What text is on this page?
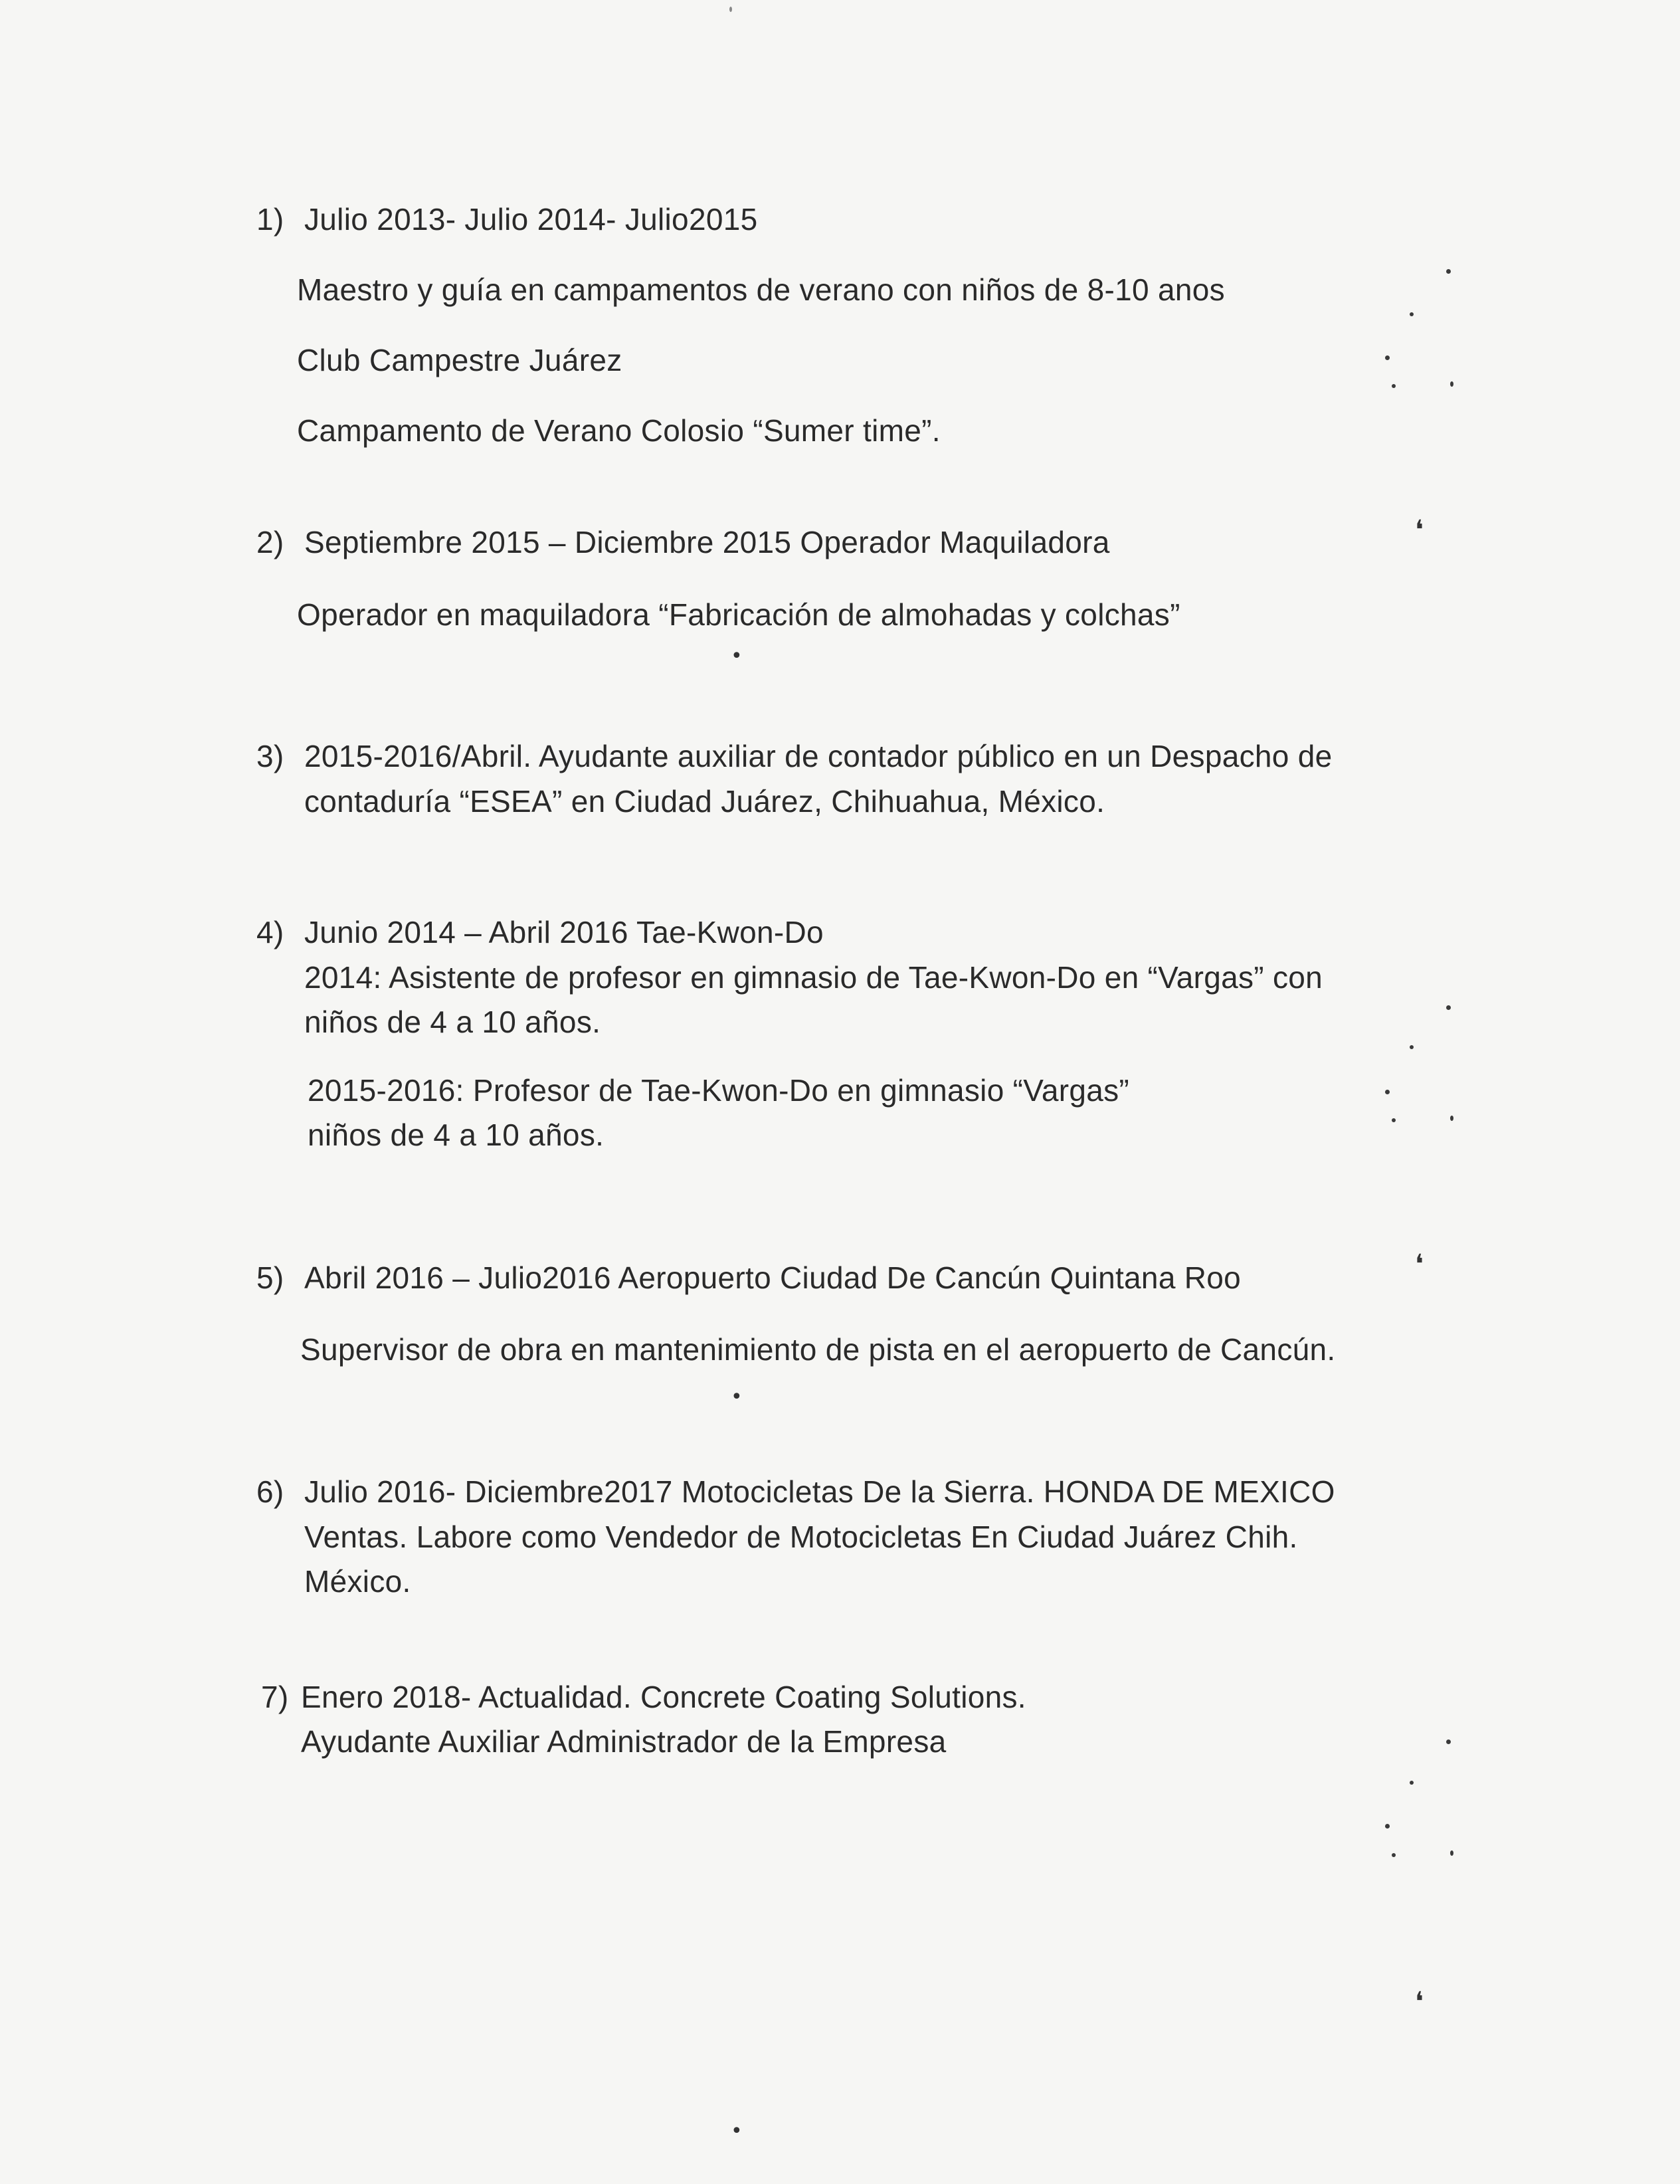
1) Julio 2013- Julio 2014- Julio2015
Maestro y guía en campamentos de verano con niños de 8-10 anos
Club Campestre Juárez
Campamento de Verano Colosio “Sumer time”.
2) Septiembre 2015 – Diciembre 2015 Operador Maquiladora
Operador en maquiladora “Fabricación de almohadas y colchas”
3) 2015-2016/Abril. Ayudante auxiliar de contador público en un Despacho de
contaduría “ESEA” en Ciudad Juárez, Chihuahua, México.
4) Junio 2014 – Abril 2016 Tae-Kwon-Do
2014: Asistente de profesor en gimnasio de Tae-Kwon-Do en “Vargas” con
niños de 4 a 10 años.
2015-2016: Profesor de Tae-Kwon-Do en gimnasio “Vargas”
niños de 4 a 10 años.
5) Abril 2016 – Julio2016 Aeropuerto Ciudad De Cancún Quintana Roo
Supervisor de obra en mantenimiento de pista en el aeropuerto de Cancún.
6) Julio 2016- Diciembre2017 Motocicletas De la Sierra. HONDA DE MEXICO
Ventas. Labore como Vendedor de Motocicletas En Ciudad Juárez Chih.
México.
7) Enero 2018- Actualidad. Concrete Coating Solutions.
Ayudante Auxiliar Administrador de la Empresa
•
•
•
❛
❛
❛
